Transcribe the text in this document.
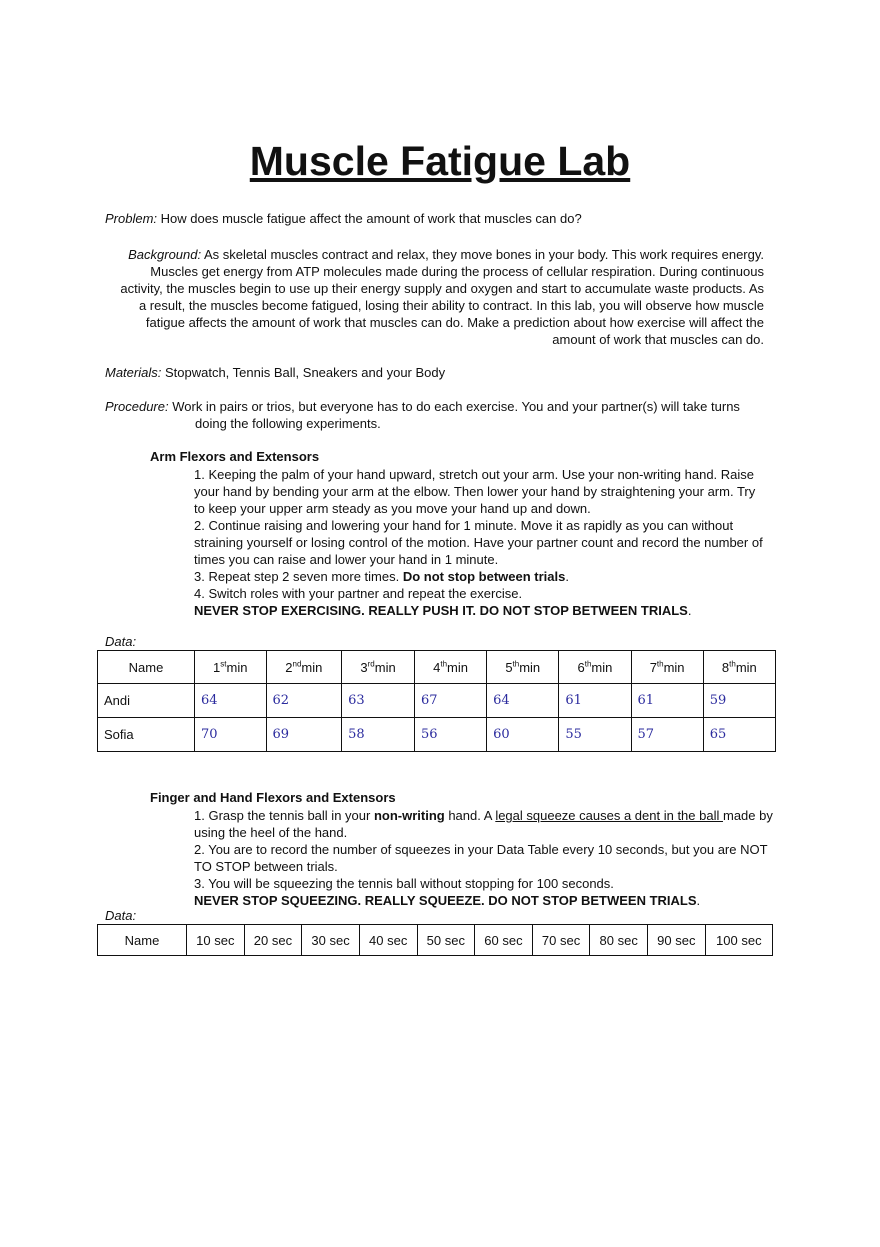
Muscle Fatigue Lab
Problem: How does muscle fatigue affect the amount of work that muscles can do?
Background: As skeletal muscles contract and relax, they move bones in your body. This work requires energy.
Muscles get energy from ATP molecules made during the process of cellular respiration. During continuous
activity, the muscles begin to use up their energy supply and oxygen and start to accumulate waste products. As
a result, the muscles become fatigued, losing their ability to contract. In this lab, you will observe how muscle
fatigue affects the amount of work that muscles can do. Make a prediction about how exercise will affect the
amount of work that muscles can do.
Materials: Stopwatch, Tennis Ball, Sneakers and your Body
Procedure: Work in pairs or trios, but everyone has to do each exercise. You and your partner(s) will take turns
doing the following experiments.
Arm Flexors and Extensors
1. Keeping the palm of your hand upward, stretch out your arm. Use your non-writing hand. Raise
your hand by bending your arm at the elbow. Then lower your hand by straightening your arm. Try
to keep your upper arm steady as you move your hand up and down.
2. Continue raising and lowering your hand for 1 minute. Move it as rapidly as you can without
straining yourself or losing control of the motion. Have your partner count and record the number of
times you can raise and lower your hand in 1 minute.
3. Repeat step 2 seven more times. Do not stop between trials.
4. Switch roles with your partner and repeat the exercise.
NEVER STOP EXERCISING. REALLY PUSH IT. DO NOT STOP BETWEEN TRIALS.
Data:
Name	1stmin	2ndmin	3rdmin	4thmin	5thmin	6thmin	7thmin	8thmin
Andi	64	62	63	67	64	61	61	59
Sofia	70	69	58	56	60	55	57	65
Finger and Hand Flexors and Extensors
1. Grasp the tennis ball in your non-writing hand. A legal squeeze causes a dent in the ball made by
using the heel of the hand.
2. You are to record the number of squeezes in your Data Table every 10 seconds, but you are NOT
TO STOP between trials.
3. You will be squeezing the tennis ball without stopping for 100 seconds.
NEVER STOP SQUEEZING. REALLY SQUEEZE. DO NOT STOP BETWEEN TRIALS.
Data:
Name	10 sec	20 sec	30 sec	40 sec	50 sec	60 sec	70 sec	80 sec	90 sec	100 sec
